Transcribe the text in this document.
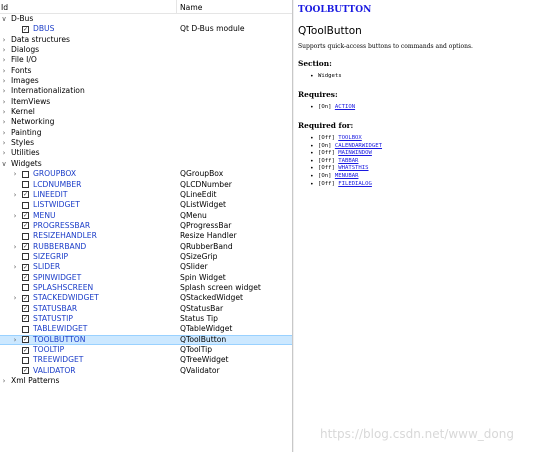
Id	Name
∨ D-Bus
✓ DBUS	Qt D-Bus module
› Data structures
› Dialogs
› File I/O
› Fonts
› Images
› Internationalization
› ItemViews
› Kernel
› Networking
› Painting
› Styles
› Utilities
∨ Widgets
›	GROUPBOX	QGroupBox
LCDNUMBER	QLCDNumber
›	✓ LINEEDIT	QLineEdit
LISTWIDGET	QListWidget
›	✓ MENU	QMenu
✓ PROGRESSBAR	QProgressBar
RESIZEHANDLER	Resize Handler
›	✓ RUBBERBAND	QRubberBand
SIZEGRIP	QSizeGrip
›	✓ SLIDER	QSlider
✓ SPINWIDGET	Spin Widget
SPLASHSCREEN	Splash screen widget
›	✓ STACKEDWIDGET	QStackedWidget
✓ STATUSBAR	QStatusBar
✓ STATUSTIP	Status Tip
TABLEWIDGET	QTableWidget
›	✓ TOOLBUTTON	QToolButton
✓ TOOLTIP	QToolTip
TREEWIDGET	QTreeWidget
✓ VALIDATOR	QValidator
› Xml Patterns
TOOLBUTTON
QToolButton
Supports quick-access buttons to commands and options.
Section:
• Widgets
Requires:
• [On] ACTION
Required for:
• [Off] TOOLBOX
• [On] CALENDARWIDGET
• [Off] MAINWINDOW
• [Off] TABBAR
• [Off] WHATSTHIS
• [On] MENUBAR
• [Off] FILEDIALOG
https://blog.csdn.net/www_dong
